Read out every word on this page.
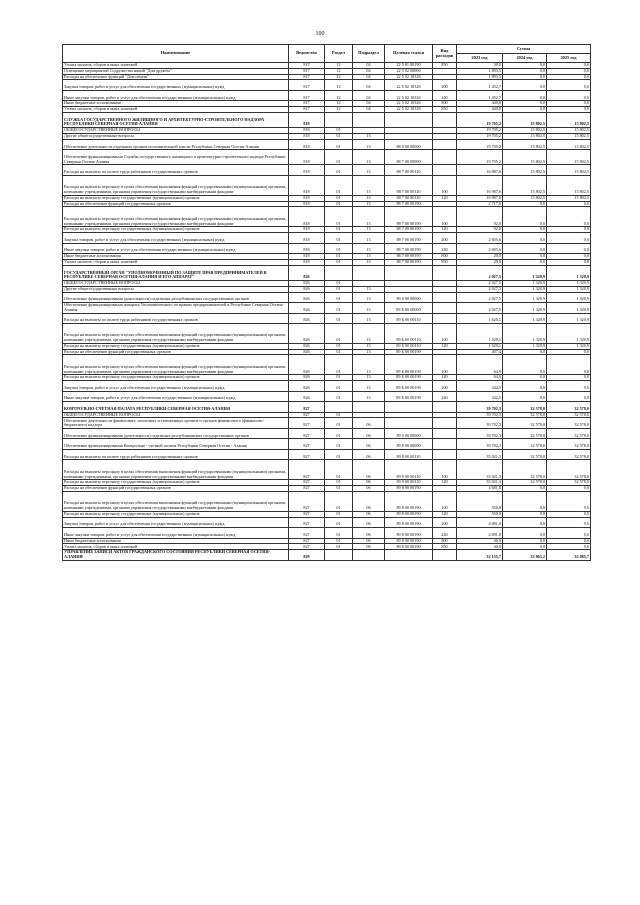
100
Наименование	Ведомство	Раздел	Подраздел	Целевая статья	Вид расходов	Сумма		
						2023 год	2024 год	2025 год
Уплата налогов, сборов и иных платежей	817	12	04	22 5 01 00190	850	30,0	0,0	0,0
Освещение мероприятий Содружества наций "Дом дружбы"	817	12	04	22 5 02 00000		1 893,5	0,0	0,0
Расходы на обеспечение функций "Дом печати"	817	12	04	22 5 02 10326		1 893,5	0,0	0,0
Закупка товаров, работ и услуг для обеспечения государственных (муниципальных) нужд	817	12	04	22 5 02 10326	200	1 452,7	0,0	0,0
Иные закупки товаров, работ и услуг для обеспечения государственных (муниципальных) нужд	817	12	04	22 5 02 10326	240	1 452,7	0,0	0,0
Иные бюджетные ассигнования	817	12	04	22 5 02 10326	800	440,8	0,0	0,0
Уплата налогов, сборов и иных платежей	817	12	04	22 5 02 10326	850	440,8	0,0	0,0
СЛУЖБА ГОСУДАРСТВЕННОГО ЖИЛИЩНОГО И АРХИТЕКТУРНО-СТРОИТЕЛЬНОГО НАДЗОРА РЕСПУБЛИКИ СЕВЕРНАЯ ОСЕТИЯ-АЛАНИЯ	818					19 705,2	15 802,5	15 802,5
ОБЩЕГОСУДАРСТВЕННЫЕ ВОПРОСЫ	818	01				19 705,2	15 802,5	15 802,5
Другие общегосударственные вопросы	818	01	13			19 705,2	15 802,5	15 802,5
Обеспечение деятельности отдельных органов исполнительной власти Республики Северная Осетия-Алания	818	01	13	88 0 00 00000		19 705,2	15 802,5	15 802,5
Обеспечение функционирования Службы государственного жилищного и архитектурно-строительного надзора Республики Северная Осетия-Алания	818	01	13	88 7 00 00000		19 705,2	15 802,5	15 802,5
Расходы на выплаты по оплате труда работников государственных органов	818	01	13	88 7 00 00110		16 987,6	15 802,5	15 802,5
Расходы на выплаты персоналу в целях обеспечения выполнения функций государственными (муниципальными) органами, казенными учреждениями, органами управления государственными внебюджетными фондами	818	01	13	88 7 00 00110	100	16 987,6	15 802,5	15 802,5
Расходы на выплаты персоналу государственных (муниципальных) органов	818	01	13	88 7 00 00110	120	16 987,6	15 802,5	15 802,5
Расходы на обеспечение функций государственных органов	818	01	13	88 7 00 00190		2 717,6	0,0	0,0
Расходы на выплаты персоналу в целях обеспечения выполнения функций государственными (муниципальными) органами, казенными учреждениями, органами управления государственными внебюджетными фондами	818	01	13	88 7 00 00190	100	92,0	0,0	0,0
Расходы на выплаты персоналу государственных (муниципальных) органов	818	01	13	88 7 00 00190	120	92,0	0,0	0,0
Закупка товаров, работ и услуг для обеспечения государственных (муниципальных) нужд	818	01	13	88 7 00 00190	200	2 605,6	0,0	0,0
Иные закупки товаров, работ и услуг для обеспечения государственных (муниципальных) нужд	818	01	13	88 7 00 00190	240	2 605,6	0,0	0,0
Иные бюджетные ассигнования	818	01	13	88 7 00 00190	800	20,0	0,0	0,0
Уплата налогов, сборов и иных платежей	818	01	13	88 7 00 00190	850	20,0	0,0	0,0
ГОСУДАРСТВЕННЫЙ ОРГАН "УПОЛНОМОЧЕННЫЙ ПО ЗАЩИТЕ ПРАВ ПРЕДПРИНИМАТЕЛЕЙ В РЕСПУБЛИКЕ СЕВЕРНАЯ ОСЕТИЯ-АЛАНИЯ И ЕГО АППАРАТ"	826					2 027,5	1 320,9	1 320,9
ОБЩЕГОСУДАРСТВЕННЫЕ ВОПРОСЫ	826	01				2 027,5	1 320,9	1 320,9
Другие общегосударственные вопросы	826	01	13			2 027,5	1 320,9	1 320,9
Обеспечение функционирования (деятельности) отдельных республиканских государственных органов	826	01	13	89 0 00 00000		2 027,5	1 320,9	1 320,9
Обеспечение функционирования аппарата Уполномоченного по правам предпринимателей в Республике Северная Осетия-Алания	826	01	13	89 Б 00 00000		2 027,5	1 320,9	1 320,9
Расходы на выплаты по оплате труда работников государственных органов	826	01	13	89 Б 00 00110		1 620,1	1 320,9	1 320,9
Расходы на выплаты персоналу в целях обеспечения выполнения функций государственными (муниципальными) органами, казенными учреждениями, органами управления государственными внебюджетными фондами	826	01	13	89 Б 00 00110	100	1 620,1	1 320,9	1 320,9
Расходы на выплаты персоналу государственных (муниципальных) органов	826	01	13	89 Б 00 00110	120	1 620,1	1 320,9	1 320,9
Расходы на обеспечение функций государственных органов	826	01	13	89 Б 00 00190		407,4	0,0	0,0
Расходы на выплаты персоналу в целях обеспечения выполнения функций государственными (муниципальными) органами, казенными учреждениями, органами управления государственными внебюджетными фондами	826	01	13	89 Б 00 00190	100	64,9	0,0	0,0
Расходы на выплаты персоналу государственных (муниципальных) органов	826	01	13	89 Б 00 00190	120	64,9	0,0	0,0
Закупка товаров, работ и услуг для обеспечения государственных (муниципальных) нужд	826	01	13	89 Б 00 00190	200	342,5	0,0	0,0
Иные закупки товаров, работ и услуг для обеспечения государственных (муниципальных) нужд	826	01	13	89 Б 00 00190	240	342,5	0,0	0,0
КОНТРОЛЬНО-СЧЕТНАЯ ПАЛАТА РЕСПУБЛИКИ СЕВЕРНАЯ ОСЕТИЯ-АЛАНИЯ	827					39 702,3	32 578,0	32 578,0
ОБЩЕГОСУДАРСТВЕННЫЕ ВОПРОСЫ	827	01				39 702,3	32 578,0	32 578,0
Обеспечение деятельности финансовых, налоговых и таможенных органов и органов финансового (финансово-бюджетного) надзора	827	01	06			39 702,3	32 578,0	32 578,0
Обеспечение функционирования (деятельности) отдельных республиканских государственных органов	827	01	06	89 0 00 00000		39 702,3	32 578,0	32 578,0
Обеспечение функционирования Контрольно - счетной палаты Республики Северная Осетия - Алания	827	01	06	89 8 00 00000		39 702,3	32 578,0	32 578,0
Расходы на выплаты по оплате труда работников государственных органов	827	01	06	89 8 00 00110		35 021,3	32 578,0	32 578,0
Расходы на выплаты персоналу в целях обеспечения выполнения функций государственными (муниципальными) органами, казенными учреждениями, органами управления государственными внебюджетными фондами	827	01	06	89 8 00 00110	100	35 021,3	32 578,0	32 578,0
Расходы на выплаты персоналу государственных (муниципальных) органов	827	01	06	89 8 00 00110	120	35 021,3	32 578,0	32 578,0
Расходы на обеспечение функций государственных органов	827	01	06	89 8 00 00190		4 681,0	0,0	0,0
Расходы на выплаты персоналу в целях обеспечения выполнения функций государственными (муниципальными) органами, казенными учреждениями, органами управления государственными внебюджетными фондами	827	01	06	89 8 00 00190	100	550,0	0,0	0,0
Расходы на выплаты персоналу государственных (муниципальных) органов	827	01	06	89 8 00 00190	120	550,0	0,0	0,0
Закупка товаров, работ и услуг для обеспечения государственных (муниципальных) нужд	827	01	06	89 8 00 00190	200	4 091,0	0,0	0,0
Иные закупки товаров, работ и услуг для обеспечения государственных (муниципальных) нужд	827	01	06	89 8 00 00190	240	4 091,0	0,0	0,0
Иные бюджетные ассигнования	827	01	06	89 8 00 00190	800	40,0	0,0	0,0
Уплата налогов, сборов и иных платежей	827	01	06	89 8 00 00190	850	40,0	0,0	0,0
УПРАВЛЕНИЕ ЗАПИСИ АКТОВ ГРАЖДАНСКОГО СОСТОЯНИЯ РЕСПУБЛИКИ СЕВЕРНАЯ ОСЕТИЯ-АЛАНИЯ	829					32 155,7	33 863,2	35 085,7
